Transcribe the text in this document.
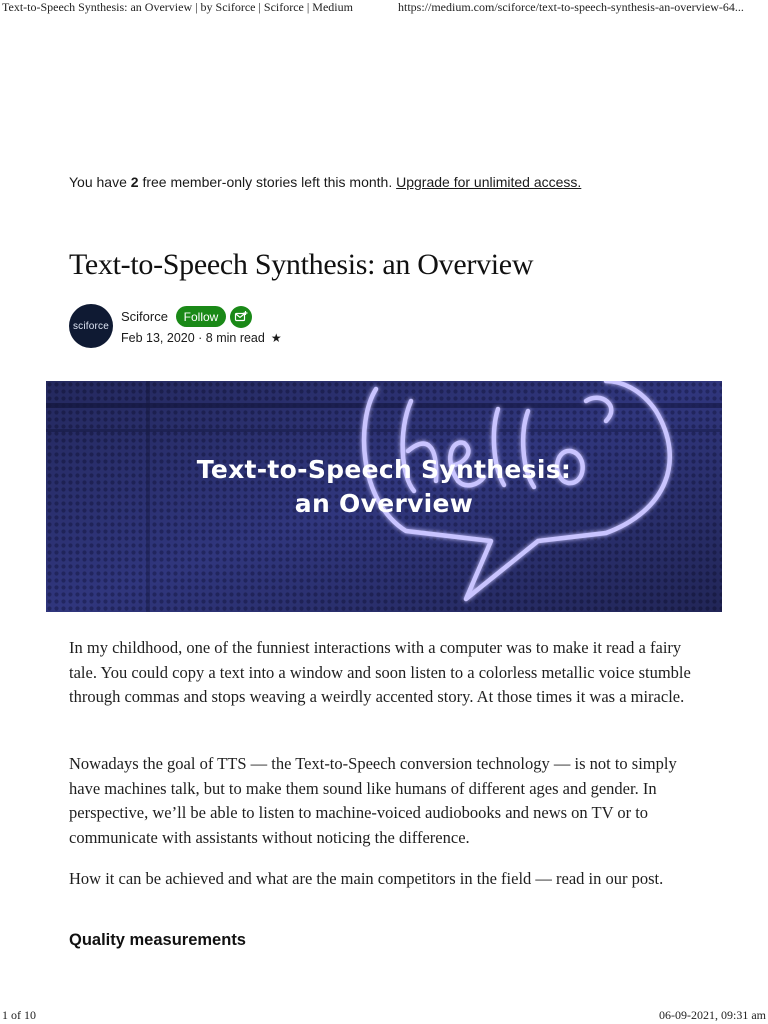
Text-to-Speech Synthesis: an Overview | by Sciforce | Sciforce | Medium	https://medium.com/sciforce/text-to-speech-synthesis-an-overview-64...
You have 2 free member-only stories left this month. Upgrade for unlimited access.
Text-to-Speech Synthesis: an Overview
sciforce
Sciforce	Follow
Feb 13, 2020 · 8 min read ★
Text-to-Speech Synthesis:
an Overview

In my childhood, one of the funniest interactions with a computer was to make it read a fairy tale. You could copy a text into a window and soon listen to a colorless metallic voice stumble through commas and stops weaving a weirdly accented story. At those times it was a miracle.

Nowadays the goal of TTS — the Text-to-Speech conversion technology — is not to simply have machines talk, but to make them sound like humans of different ages and gender. In perspective, we’ll be able to listen to machine-voiced audiobooks and news on TV or to communicate with assistants without noticing the difference.

How it can be achieved and what are the main competitors in the field — read in our post.

Quality measurements
1 of 10	06-09-2021, 09:31 am
